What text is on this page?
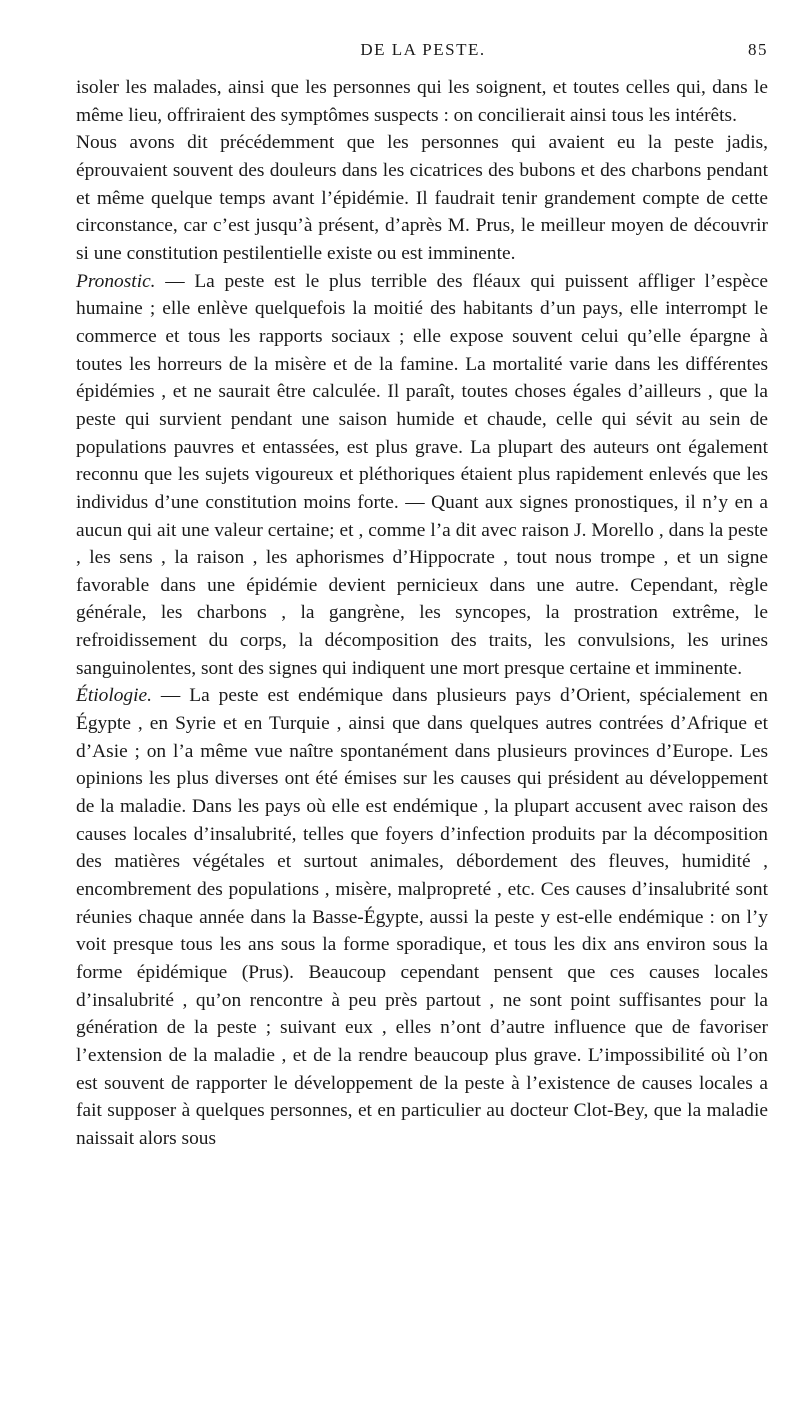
DE LA PESTE.	85

isoler les malades, ainsi que les personnes qui les soignent, et toutes celles qui, dans le même lieu, offriraient des symptômes suspects : on concilierait ainsi tous les intérêts.

Nous avons dit précédemment que les personnes qui avaient eu la peste jadis, éprouvaient souvent des douleurs dans les cicatrices des bubons et des charbons pendant et même quelque temps avant l’épidémie. Il faudrait tenir grandement compte de cette circonstance, car c’est jusqu’à présent, d’après M. Prus, le meilleur moyen de découvrir si une constitution pestilentielle existe ou est imminente.

Pronostic. — La peste est le plus terrible des fléaux qui puissent affliger l’espèce humaine ; elle enlève quelquefois la moitié des habitants d’un pays, elle interrompt le commerce et tous les rapports sociaux ; elle expose souvent celui qu’elle épargne à toutes les horreurs de la misère et de la famine. La mortalité varie dans les différentes épidémies , et ne saurait être calculée. Il paraît, toutes choses égales d’ailleurs , que la peste qui survient pendant une saison humide et chaude, celle qui sévit au sein de populations pauvres et entassées, est plus grave. La plupart des auteurs ont également reconnu que les sujets vigoureux et pléthoriques étaient plus rapidement enlevés que les individus d’une constitution moins forte. — Quant aux signes pronostiques, il n’y en a aucun qui ait une valeur certaine; et , comme l’a dit avec raison J. Morello , dans la peste , les sens , la raison , les aphorismes d’Hippocrate , tout nous trompe , et un signe favorable dans une épidémie devient pernicieux dans une autre. Cependant, règle générale, les charbons , la gangrène, les syncopes, la prostration extrême, le refroidissement du corps, la décomposition des traits, les convulsions, les urines sanguinolentes, sont des signes qui indiquent une mort presque certaine et imminente.

Étiologie. — La peste est endémique dans plusieurs pays d’Orient, spécialement en Égypte , en Syrie et en Turquie , ainsi que dans quelques autres contrées d’Afrique et d’Asie ; on l’a même vue naître spontanément dans plusieurs provinces d’Europe. Les opinions les plus diverses ont été émises sur les causes qui président au développement de la maladie. Dans les pays où elle est endémique , la plupart accusent avec raison des causes locales d’insalubrité, telles que foyers d’infection produits par la décomposition des matières végétales et surtout animales, débordement des fleuves, humidité , encombrement des populations , misère, malpropreté , etc. Ces causes d’insalubrité sont réunies chaque année dans la Basse-Égypte, aussi la peste y est-elle endémique : on l’y voit presque tous les ans sous la forme sporadique, et tous les dix ans environ sous la forme épidémique (Prus). Beaucoup cependant pensent que ces causes locales d’insalubrité , qu’on rencontre à peu près partout , ne sont point suffisantes pour la génération de la peste ; suivant eux , elles n’ont d’autre influence que de favoriser l’extension de la maladie , et de la rendre beaucoup plus grave. L’impossibilité où l’on est souvent de rapporter le développement de la peste à l’existence de causes locales a fait supposer à quelques personnes, et en particulier au docteur Clot-Bey, que la maladie naissait alors sous
